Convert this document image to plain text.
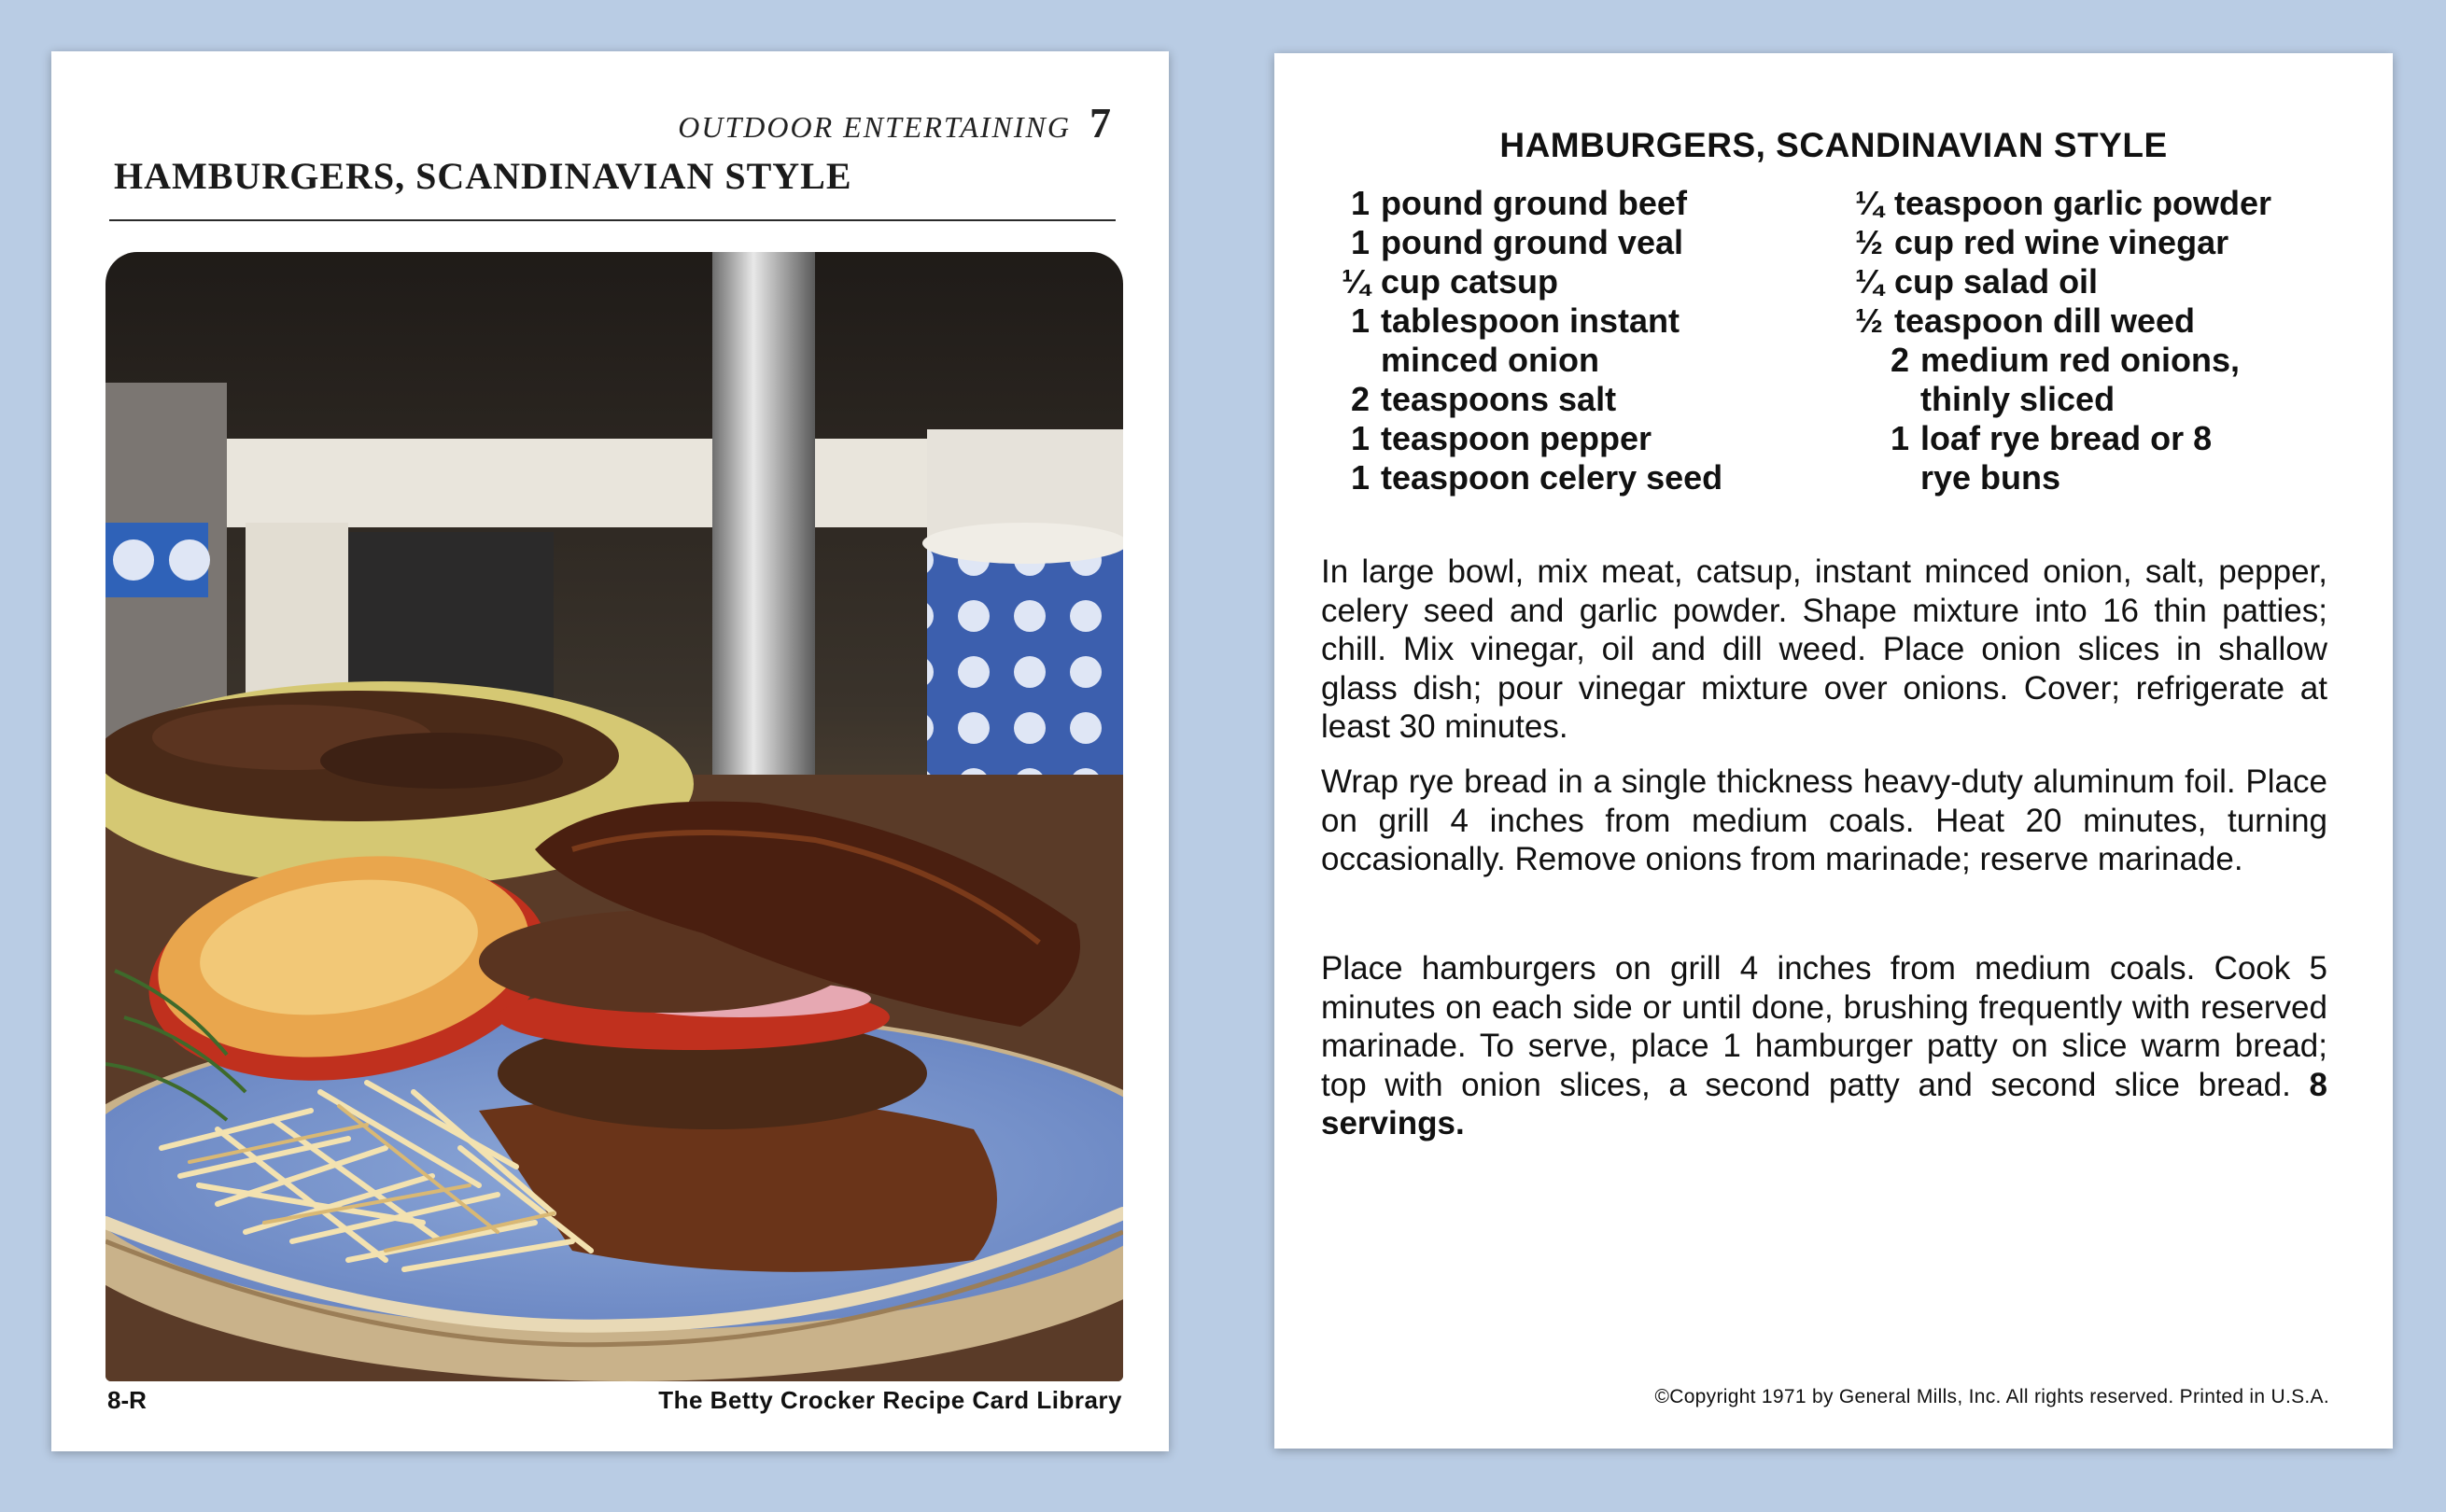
OUTDOOR ENTERTAINING 7
HAMBURGERS, SCANDINAVIAN STYLE
8-R	The Betty Crocker Recipe Card Library
HAMBURGERS, SCANDINAVIAN STYLE
1 pound ground beef
1 pound ground veal
¼ cup catsup
1 tablespoon instant
minced onion
2 teaspoons salt
1 teaspoon pepper
1 teaspoon celery seed
¼ teaspoon garlic powder
½ cup red wine vinegar
¼ cup salad oil
½ teaspoon dill weed
2 medium red onions,
thinly sliced
1 loaf rye bread or 8
rye buns

In large bowl, mix meat, catsup, instant minced onion, salt, pepper, celery seed and garlic powder. Shape mixture into 16 thin patties; chill. Mix vinegar, oil and dill weed. Place onion slices in shallow glass dish; pour vinegar mixture over onions. Cover; refrigerate at least 30 minutes.

Wrap rye bread in a single thickness heavy-duty aluminum foil. Place on grill 4 inches from medium coals. Heat 20 minutes, turning occasionally. Remove onions from marinade; reserve marinade.

Place hamburgers on grill 4 inches from medium coals. Cook 5 minutes on each side or until done, brushing frequently with reserved marinade. To serve, place 1 hamburger patty on slice warm bread; top with onion slices, a second patty and second slice bread. 8 servings.

©Copyright 1971 by General Mills, Inc. All rights reserved. Printed in U.S.A.
